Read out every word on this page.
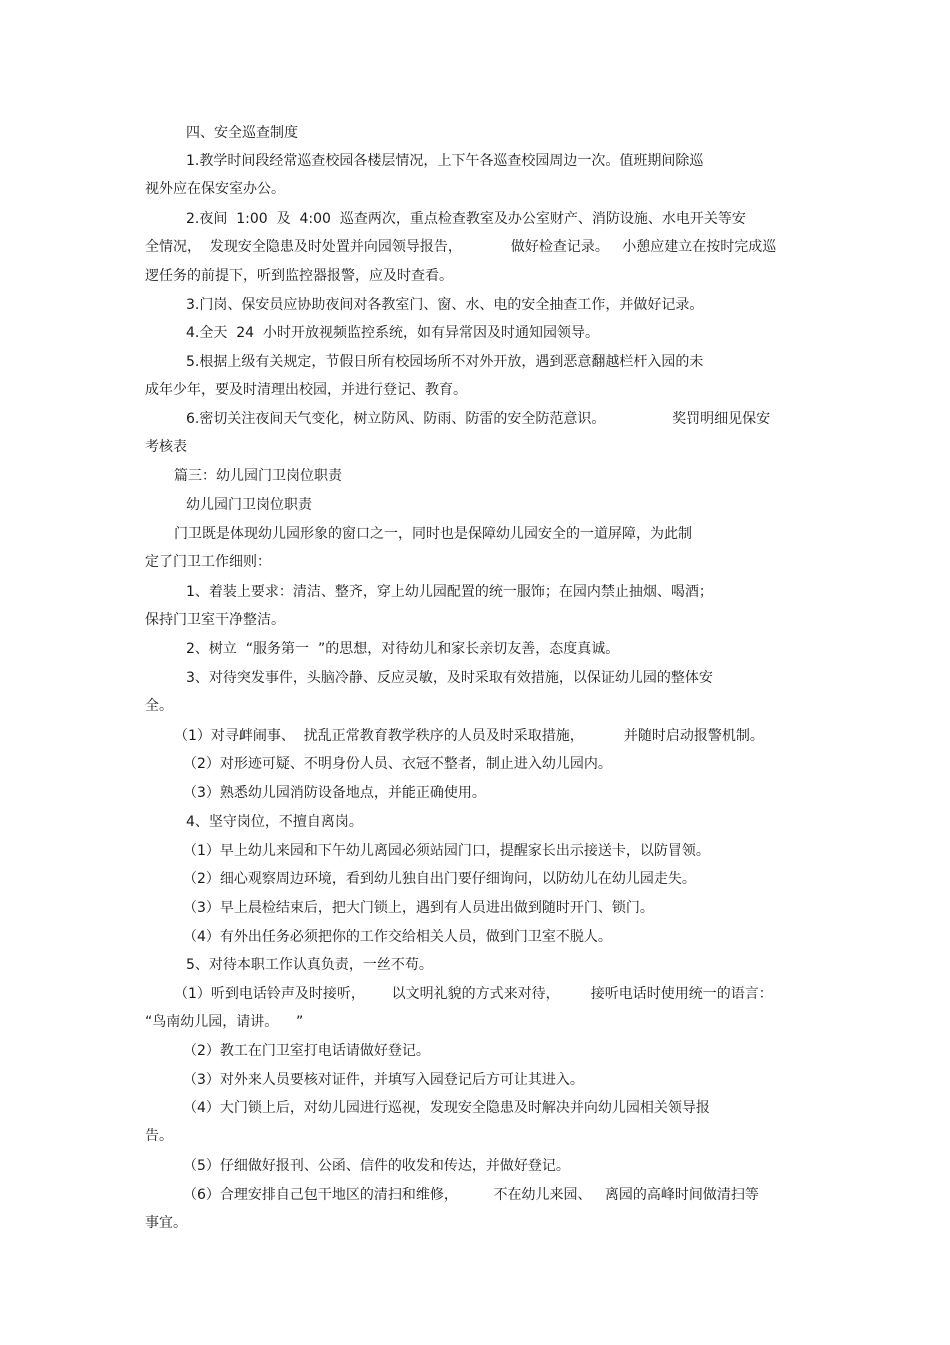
四、安全巡查制度

1.教学时间段经常巡查校园各楼层情况，上下午各巡查校园周边一次。值班期间除巡

视外应在保安室办公。

2.夜间  1:00  及  4:00  巡查两次，重点检查教室及办公室财产、消防设施、水电开关等安

全情况，  发现安全隐患及时处置并向园领导报告，           做好检查记录。   小憩应建立在按时完成巡

逻任务的前提下，听到监控器报警，应及时查看。

3.门岗、保安员应协助夜间对各教室门、窗、水、电的安全抽查工作，并做好记录。

4.全天  24  小时开放视频监控系统，如有异常因及时通知园领导。

5.根据上级有关规定，节假日所有校园场所不对外开放，遇到恶意翻越栏杆入园的未

成年少年，要及时清理出校园，并进行登记、教育。

6.密切关注夜间天气变化，树立防风、防雨、防雷的安全防范意识。               奖罚明细见保安

考核表

篇三：幼儿园门卫岗位职责

幼儿园门卫岗位职责

门卫既是体现幼儿园形象的窗口之一，同时也是保障幼儿园安全的一道屏障，为此制

定了门卫工作细则：

1、着装上要求：清洁、整齐，穿上幼儿园配置的统一服饰；在园内禁止抽烟、喝酒；

保持门卫室干净整洁。

2、树立  “服务第一  ”的思想，对待幼儿和家长亲切友善，态度真诚。

3、对待突发事件，头脑冷静、反应灵敏，及时采取有效措施，以保证幼儿园的整体安

全。

（1）对寻衅闹事、  扰乱正常教育教学秩序的人员及时采取措施，         并随时启动报警机制。

（2）对形迹可疑、不明身份人员、衣冠不整者，制止进入幼儿园内。

（3）熟悉幼儿园消防设备地点，并能正确使用。

4、坚守岗位，不擅自离岗。

（1）早上幼儿来园和下午幼儿离园必须站园门口，提醒家长出示接送卡，以防冒领。

（2）细心观察周边环境，看到幼儿独自出门要仔细询问，以防幼儿在幼儿园走失。

（3）早上晨检结束后，把大门锁上，遇到有人员进出做到随时开门、锁门。

（4）有外出任务必须把你的工作交给相关人员，做到门卫室不脱人。

5、对待本职工作认真负责，一丝不苟。

（1）听到电话铃声及时接听，      以文明礼貌的方式来对待，       接听电话时使用统一的语言：

“鸟南幼儿园，请讲。    ”

（2）教工在门卫室打电话请做好登记。

（3）对外来人员要核对证件，并填写入园登记后方可让其进入。

（4）大门锁上后，对幼儿园进行巡视，发现安全隐患及时解决并向幼儿园相关领导报

告。

（5）仔细做好报刊、公函、信件的收发和传达，并做好登记。

（6）合理安排自己包干地区的清扫和维修，        不在幼儿来园、   离园的高峰时间做清扫等

事宜。
